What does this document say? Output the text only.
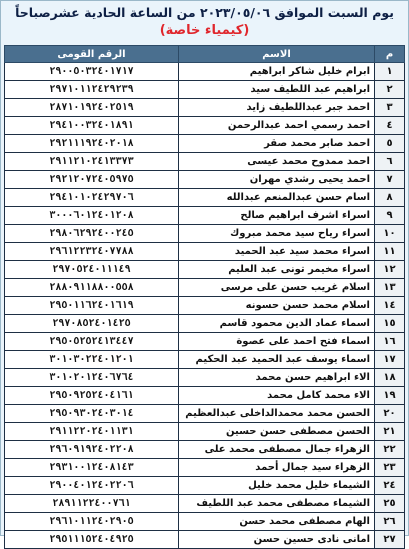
يوم السبت الموافق ٢٠٢٣/٠٥/٠٦ من الساعة الحادية عشرصباحاً
(كيمياء خاصة)
م	الاسم	الرقم القومى
١	ابرام خليل شاكر ابراهيم	٢٩٠٠٥٠٣٢٤٠١٧١٧
٢	ابراهيم عبد اللطيف سيد	٢٩٧١٠١١٢٤٢٩٢٣٩
٣	احمد جبر عبداللطيف زايد	٢٨٧١٠١٩٢٤٠٢٥١٩
٤	احمد رسمي احمد عبدالرحمن	٢٩٤١٠٠٣٢٤٠١٨٩١
٥	احمد صابر محمد صقر	٢٩٢١١١٩٢٤٠٢٠١٨
٦	احمد ممدوح محمد عيسى	٢٩١١٢١٠٢٤١٣٣٧٣
٧	احمد يحيى رشدي مهران	٢٩٢١٢٠٧٢٤٠٥٩٧٥
٨	اسام حسن عبدالمنعم عبدالله	٢٩٤١٠١٠٢٤٢٩٧٠٦
٩	اسراء اشرف ابراهيم صالح	٣٠٠٠٦٠١٢٤٠١٢٠٨
١٠	اسراء رياح سيد محمد مبروك	٢٩٨٠٦٢٩٢٤٠٠٢٤٥
١١	اسراء محمد سيد عبد الحميد	٢٩٦١٢٢٣٢٤٠٧٧٨٨
١٢	اسراء مخيمر تونى عبد العليم	٢٩٧٠٥٢٤٠١١١٤٩
١٣	اسلام غريب حسن على مرسى	٢٨٨٠٩١١٨٨٠٠٥٥٨
١٤	اسلام محمد حسن حسونه	٢٩٥٠١١٦٢٤٠١٦١٩
١٥	اسماء عماد الدين محمود قاسم	٢٩٧٠٨٥٢٤٠١٤٢٥
١٦	اسماء فتح احمد على عصوة	٢٩٥٠٥٢٥٢٤١٣٤٤٧
١٧	اسماء يوسف عبد الحميد عبد الحكيم	٣٠١٠٣٠٢٢٤٠١٢٠١
١٨	الاء ابراهيم حسن محمد	٣٠١٠٢٠١٢٤٠٦٧٦٤
١٩	الاء محمد كامل محمد	٢٩٥٠٩٢٥٢٤٠٤١٦١
٢٠	الحسن محمد محمدالداخلى عبدالعظيم	٢٩٥٠٩٣٠٢٤٠٣٠١٤
٢١	الحسن مصطفى حسن حسين	٢٩١١٢٢٠٢٤٠١١٣١
٢٢	الزهراء جمال مصطفى محمد على	٢٩٦٠٩١٩٢٤٠٢٢٠٨
٢٣	الزهراء سيد جمال أحمد	٢٩٣١٠٠١٢٤٠٨١٤٣
٢٤	الشيماء خليل محمد خليل	٢٩٠٠٤٠١٢٤٠٢٢٠٦
٢٥	الشيماء مصطفى محمد عبد اللطيف	٢٨٩١١٢٢٤٠٠٧٦١
٢٦	الهام مصطفى محمد حسن	٢٩٦١٠١١٢٤٠٢٩٠٥
٢٧	امانى نادى حسين حسن	٢٩٥١١١٥٢٤٠٤٩٢٥
